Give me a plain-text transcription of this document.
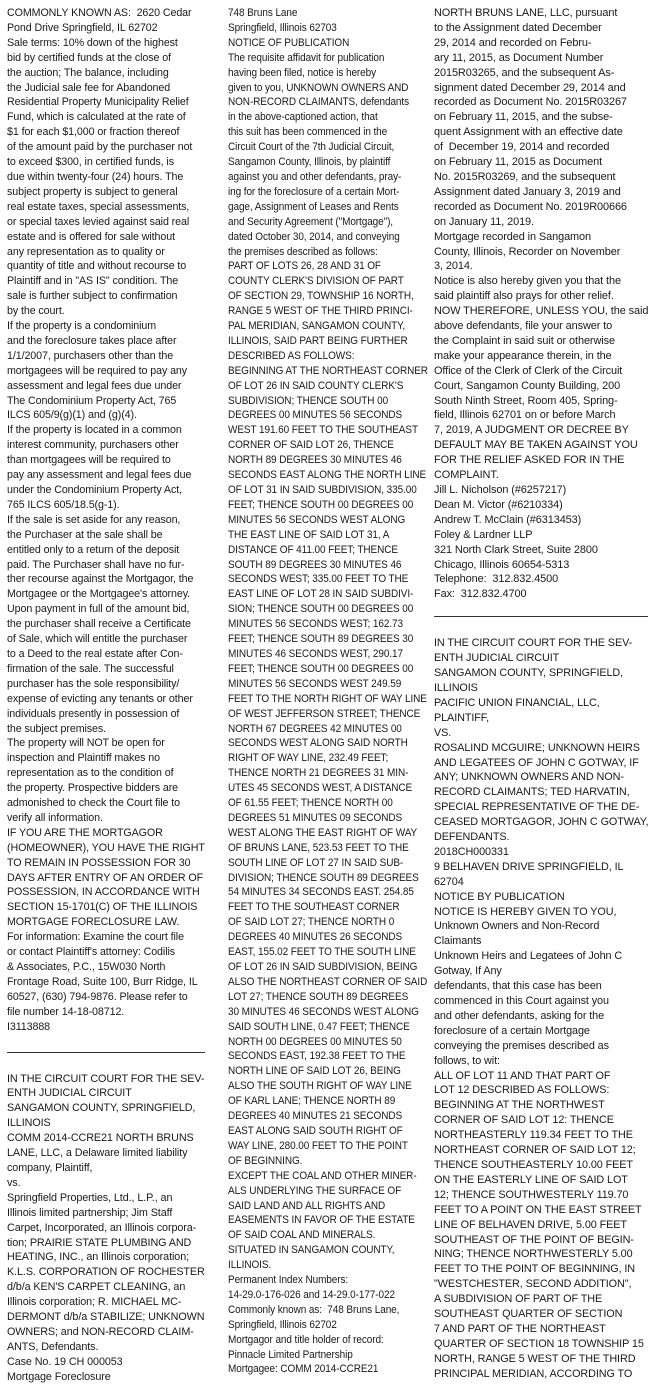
COMMONLY KNOWN AS:  2620 Cedar
Pond Drive Springfield, IL 62702
Sale terms: 10% down of the highest
bid by certified funds at the close of
the auction; The balance, including
the Judicial sale fee for Abandoned
Residential Property Municipality Relief
Fund, which is calculated at the rate of
$1 for each $1,000 or fraction thereof
of the amount paid by the purchaser not
to exceed $300, in certified funds, is
due within twenty-four (24) hours. The
subject property is subject to general
real estate taxes, special assessments,
or special taxes levied against said real
estate and is offered for sale without
any representation as to quality or
quantity of title and without recourse to
Plaintiff and in "AS IS" condition. The
sale is further subject to confirmation
by the court.
If the property is a condominium
and the foreclosure takes place after
1/1/2007, purchasers other than the
mortgagees will be required to pay any
assessment and legal fees due under
The Condominium Property Act, 765
ILCS 605/9(g)(1) and (g)(4).
If the property is located in a common
interest community, purchasers other
than mortgagees will be required to
pay any assessment and legal fees due
under the Condominium Property Act,
765 ILCS 605/18.5(g-1).
If the sale is set aside for any reason,
the Purchaser at the sale shall be
entitled only to a return of the deposit
paid. The Purchaser shall have no fur-
ther recourse against the Mortgagor, the
Mortgagee or the Mortgagee's attorney.
Upon payment in full of the amount bid,
the purchaser shall receive a Certificate
of Sale, which will entitle the purchaser
to a Deed to the real estate after Con-
firmation of the sale. The successful
purchaser has the sole responsibility/
expense of evicting any tenants or other
individuals presently in possession of
the subject premises.
The property will NOT be open for
inspection and Plaintiff makes no
representation as to the condition of
the property. Prospective bidders are
admonished to check the Court file to
verify all information.
IF YOU ARE THE MORTGAGOR
(HOMEOWNER), YOU HAVE THE RIGHT
TO REMAIN IN POSSESSION FOR 30
DAYS AFTER ENTRY OF AN ORDER OF
POSSESSION, IN ACCORDANCE WITH
SECTION 15-1701(C) OF THE ILLINOIS
MORTGAGE FORECLOSURE LAW.
For information: Examine the court file
or contact Plaintiff's attorney: Codilis
& Associates, P.C., 15W030 North
Frontage Road, Suite 100, Burr Ridge, IL
60527, (630) 794-9876. Please refer to
file number 14-18-08712.
I3113888
IN THE CIRCUIT COURT FOR THE SEV-
ENTH JUDICIAL CIRCUIT
SANGAMON COUNTY, SPRINGFIELD,
ILLINOIS
COMM 2014-CCRE21 NORTH BRUNS
LANE, LLC, a Delaware limited liability
company, Plaintiff,
vs.
Springfield Properties, Ltd., L.P., an
Illinois limited partnership; Jim Staff
Carpet, Incorporated, an Illinois corpora-
tion; PRAIRIE STATE PLUMBING AND
HEATING, INC., an Illinois corporation;
K.L.S. CORPORATION OF ROCHESTER
d/b/a KEN'S CARPET CLEANING, an
Illinois corporation; R. MICHAEL MC-
DERMONT d/b/a STABILIZE; UNKNOWN
OWNERS; and NON-RECORD CLAIM-
ANTS, Defendants.
Case No. 19 CH 000053
Mortgage Foreclosure
748 Bruns Lane
Springfield, Illinois 62703
NOTICE OF PUBLICATION
The requisite affidavit for publication
having been filed, notice is hereby
given to you, UNKNOWN OWNERS AND
NON-RECORD CLAIMANTS, defendants
in the above-captioned action, that
this suit has been commenced in the
Circuit Court of the 7th Judicial Circuit,
Sangamon County, Illinois, by plaintiff
against you and other defendants, pray-
ing for the foreclosure of a certain Mort-
gage, Assignment of Leases and Rents
and Security Agreement ("Mortgage"),
dated October 30, 2014, and conveying
the premises described as follows:
PART OF LOTS 26, 28 AND 31 OF
COUNTY CLERK'S DIVISION OF PART
OF SECTION 29, TOWNSHIP 16 NORTH,
RANGE 5 WEST OF THE THIRD PRINCI-
PAL MERIDIAN, SANGAMON COUNTY,
ILLINOIS, SAID PART BEING FURTHER
DESCRIBED AS FOLLOWS:
BEGINNING AT THE NORTHEAST CORNER
OF LOT 26 IN SAID COUNTY CLERK'S
SUBDIVISION; THENCE SOUTH 00
DEGREES 00 MINUTES 56 SECONDS
WEST 191.60 FEET TO THE SOUTHEAST
CORNER OF SAID LOT 26, THENCE
NORTH 89 DEGREES 30 MINUTES 46
SECONDS EAST ALONG THE NORTH LINE
OF LOT 31 IN SAID SUBDIVISION, 335.00
FEET; THENCE SOUTH 00 DEGREES 00
MINUTES 56 SECONDS WEST ALONG
THE EAST LINE OF SAID LOT 31, A
DISTANCE OF 411.00 FEET; THENCE
SOUTH 89 DEGREES 30 MINUTES 46
SECONDS WEST; 335.00 FEET TO THE
EAST LINE OF LOT 28 IN SAID SUBDIVI-
SION; THENCE SOUTH 00 DEGREES 00
MINUTES 56 SECONDS WEST; 162.73
FEET; THENCE SOUTH 89 DEGREES 30
MINUTES 46 SECONDS WEST, 290.17
FEET; THENCE SOUTH 00 DEGREES 00
MINUTES 56 SECONDS WEST 249.59
FEET TO THE NORTH RIGHT OF WAY LINE
OF WEST JEFFERSON STREET; THENCE
NORTH 67 DEGREES 42 MINUTES 00
SECONDS WEST ALONG SAID NORTH
RIGHT OF WAY LINE, 232.49 FEET;
THENCE NORTH 21 DEGREES 31 MIN-
UTES 45 SECONDS WEST, A DISTANCE
OF 61.55 FEET; THENCE NORTH 00
DEGREES 51 MINUTES 09 SECONDS
WEST ALONG THE EAST RIGHT OF WAY
OF BRUNS LANE, 523.53 FEET TO THE
SOUTH LINE OF LOT 27 IN SAID SUB-
DIVISION; THENCE SOUTH 89 DEGREES
54 MINUTES 34 SECONDS EAST. 254.85
FEET TO THE SOUTHEAST CORNER
OF SAID LOT 27; THENCE NORTH 0
DEGREES 40 MINUTES 26 SECONDS
EAST, 155.02 FEET TO THE SOUTH LINE
OF LOT 26 IN SAID SUBDIVISION, BEING
ALSO THE NORTHEAST CORNER OF SAID
LOT 27; THENCE SOUTH 89 DEGREES
30 MINUTES 46 SECONDS WEST ALONG
SAID SOUTH LINE, 0.47 FEET; THENCE
NORTH 00 DEGREES 00 MINUTES 50
SECONDS EAST, 192.38 FEET TO THE
NORTH LINE OF SAID LOT 26, BEING
ALSO THE SOUTH RIGHT OF WAY LINE
OF KARL LANE; THENCE NORTH 89
DEGREES 40 MINUTES 21 SECONDS
EAST ALONG SAID SOUTH RIGHT OF
WAY LINE, 280.00 FEET TO THE POINT
OF BEGINNING.
EXCEPT THE COAL AND OTHER MINER-
ALS UNDERLYING THE SURFACE OF
SAID LAND AND ALL RIGHTS AND
EASEMENTS IN FAVOR OF THE ESTATE
OF SAID COAL AND MINERALS.
SITUATED IN SANGAMON COUNTY,
ILLINOIS.
Permanent Index Numbers:
14-29.0-176-026 and 14-29.0-177-022
Commonly known as:  748 Bruns Lane,
Springfield, Illinois 62702
Mortgagor and title holder of record:
Pinnacle Limited Partnership
Mortgagee: COMM 2014-CCRE21
NORTH BRUNS LANE, LLC, pursuant
to the Assignment dated December
29, 2014 and recorded on Febru-
ary 11, 2015, as Document Number
2015R03265, and the subsequent As-
signment dated December 29, 2014 and
recorded as Document No. 2015R03267
on February 11, 2015, and the subse-
quent Assignment with an effective date
of  December 19, 2014 and recorded
on February 11, 2015 as Document
No. 2015R03269, and the subsequent
Assignment dated January 3, 2019 and
recorded as Document No. 2019R00666
on January 11, 2019.
Mortgage recorded in Sangamon
County, Illinois, Recorder on November
3, 2014.
Notice is also hereby given you that the
said plaintiff also prays for other relief.
NOW THEREFORE, UNLESS YOU, the said
above defendants, file your answer to
the Complaint in said suit or otherwise
make your appearance therein, in the
Office of the Clerk of Clerk of the Circuit
Court, Sangamon County Building, 200
South Ninth Street, Room 405, Spring-
field, Illinois 62701 on or before March
7, 2019, A JUDGMENT OR DECREE BY
DEFAULT MAY BE TAKEN AGAINST YOU
FOR THE RELIEF ASKED FOR IN THE
COMPLAINT.
Jill L. Nicholson (#6257217)
Dean M. Victor (#6210334)
Andrew T. McClain (#6313453)
Foley & Lardner LLP
321 North Clark Street, Suite 2800
Chicago, Illinois 60654-5313
Telephone:  312.832.4500
Fax:  312.832.4700
IN THE CIRCUIT COURT FOR THE SEV-
ENTH JUDICIAL CIRCUIT
SANGAMON COUNTY, SPRINGFIELD,
ILLINOIS
PACIFIC UNION FINANCIAL, LLC,
PLAINTIFF,
VS.
ROSALIND MCGUIRE; UNKNOWN HEIRS
AND LEGATEES OF JOHN C GOTWAY, IF
ANY; UNKNOWN OWNERS AND NON-
RECORD CLAIMANTS; TED HARVATIN,
SPECIAL REPRESENTATIVE OF THE DE-
CEASED MORTGAGOR, JOHN C GOTWAY,
DEFENDANTS.
2018CH000331
9 BELHAVEN DRIVE SPRINGFIELD, IL
62704
NOTICE BY PUBLICATION
NOTICE IS HEREBY GIVEN TO YOU,
Unknown Owners and Non-Record
Claimants
Unknown Heirs and Legatees of John C
Gotway, If Any
defendants, that this case has been
commenced in this Court against you
and other defendants, asking for the
foreclosure of a certain Mortgage
conveying the premises described as
follows, to wit:
ALL OF LOT 11 AND THAT PART OF
LOT 12 DESCRIBED AS FOLLOWS:
BEGINNING AT THE NORTHWEST
CORNER OF SAID LOT 12: THENCE
NORTHEASTERLY 119.34 FEET TO THE
NORTHEAST CORNER OF SAID LOT 12;
THENCE SOUTHEASTERLY 10.00 FEET
ON THE EASTERLY LINE OF SAID LOT
12; THENCE SOUTHWESTERLY 119.70
FEET TO A POINT ON THE EAST STREET
LINE OF BELHAVEN DRIVE, 5.00 FEET
SOUTHEAST OF THE POINT OF BEGIN-
NING; THENCE NORTHWESTERLY 5.00
FEET TO THE POINT OF BEGINNING, IN
"WESTCHESTER, SECOND ADDITION",
A SUBDIVISION OF PART OF THE
SOUTHEAST QUARTER OF SECTION
7 AND PART OF THE NORTHEAST
QUARTER OF SECTION 18 TOWNSHIP 15
NORTH, RANGE 5 WEST OF THE THIRD
PRINCIPAL MERIDIAN, ACCORDING TO
